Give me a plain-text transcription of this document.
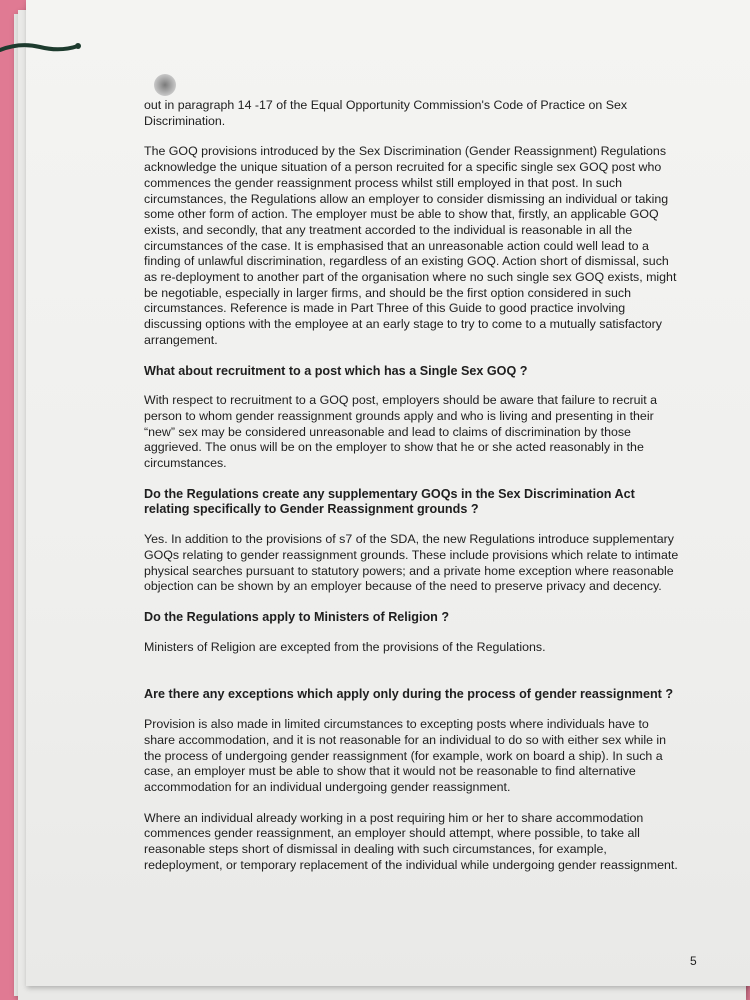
out in paragraph 14 -17 of the Equal Opportunity Commission's Code of Practice on Sex Discrimination.

The GOQ provisions introduced by the Sex Discrimination (Gender Reassignment) Regulations acknowledge the unique situation of a person recruited for a specific single sex GOQ post who commences the gender reassignment process whilst still employed in that post. In such circumstances, the Regulations allow an employer to consider dismissing an individual or taking some other form of action. The employer must be able to show that, firstly, an applicable GOQ exists, and secondly, that any treatment accorded to the individual is reasonable in all the circumstances of the case. It is emphasised that an unreasonable action could well lead to a finding of unlawful discrimination, regardless of an existing GOQ. Action short of dismissal, such as re-deployment to another part of the organisation where no such single sex GOQ exists, might be negotiable, especially in larger firms, and should be the first option considered in such circumstances. Reference is made in Part Three of this Guide to good practice involving discussing options with the employee at an early stage to try to come to a mutually satisfactory arrangement.

What about recruitment to a post which has a Single Sex GOQ ?

With respect to recruitment to a GOQ post, employers should be aware that failure to recruit a person to whom gender reassignment grounds apply and who is living and presenting in their “new” sex may be considered unreasonable and lead to claims of discrimination by those aggrieved. The onus will be on the employer to show that he or she acted reasonably in the circumstances.

Do the Regulations create any supplementary GOQs in the Sex Discrimination Act relating specifically to Gender Reassignment grounds ?

Yes. In addition to the provisions of s7 of the SDA, the new Regulations introduce supplementary GOQs relating to gender reassignment grounds. These include provisions which relate to intimate physical searches pursuant to statutory powers; and a private home exception where reasonable objection can be shown by an employer because of the need to preserve privacy and decency.

Do the Regulations apply to Ministers of Religion ?

Ministers of Religion are excepted from the provisions of the Regulations.

Are there any exceptions which apply only during the process of gender reassignment ?

Provision is also made in limited circumstances to excepting posts where individuals have to share accommodation, and it is not reasonable for an individual to do so with either sex while in the process of undergoing gender reassignment (for example, work on board a ship). In such a case, an employer must be able to show that it would not be reasonable to find alternative accommodation for an individual undergoing gender reassignment.

Where an individual already working in a post requiring him or her to share accommodation commences gender reassignment, an employer should attempt, where possible, to take all reasonable steps short of dismissal in dealing with such circumstances, for example, redeployment, or temporary replacement of the individual while undergoing gender reassignment.

5
